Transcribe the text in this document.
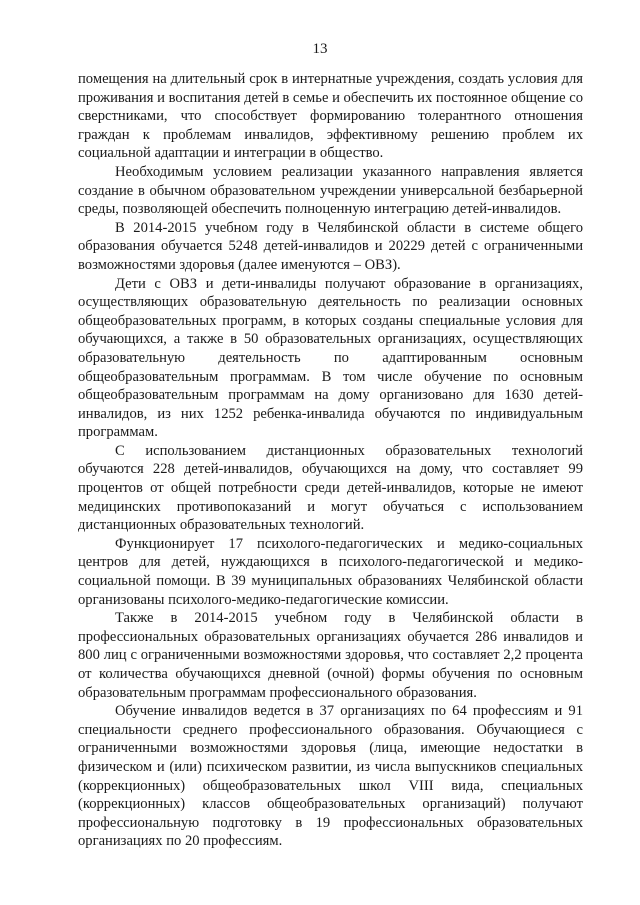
13

помещения на длительный срок в интернатные учреждения, создать условия для проживания и воспитания детей в семье и обеспечить их постоянное общение со сверстниками, что способствует формированию толерантного отношения граждан к проблемам инвалидов, эффективному решению проблем их социальной адаптации и интеграции в общество.

Необходимым условием реализации указанного направления является создание в обычном образовательном учреждении универсальной безбарьерной среды, позволяющей обеспечить полноценную интеграцию детей-инвалидов.

В 2014-2015 учебном году в Челябинской области в системе общего образования обучается 5248 детей-инвалидов и 20229 детей с ограниченными возможностями здоровья (далее именуются – ОВЗ).

Дети с ОВЗ и дети-инвалиды получают образование в организациях, осуществляющих образовательную деятельность по реализации основных общеобразовательных программ, в которых созданы специальные условия для обучающихся, а также в 50 образовательных организациях, осуществляющих образовательную деятельность по адаптированным основным общеобразовательным программам. В том числе обучение по основным общеобразовательным программам на дому организовано для 1630 детей-инвалидов, из них 1252 ребенка-инвалида обучаются по индивидуальным программам.

С использованием дистанционных образовательных технологий обучаются 228 детей-инвалидов, обучающихся на дому, что составляет 99 процентов от общей потребности среди детей-инвалидов, которые не имеют медицинских противопоказаний и могут обучаться с использованием дистанционных образовательных технологий.

Функционирует 17 психолого-педагогических и медико-социальных центров для детей, нуждающихся в психолого-педагогической и медико-социальной помощи. В 39 муниципальных образованиях Челябинской области организованы психолого-медико-педагогические комиссии.

Также в 2014-2015 учебном году в Челябинской области в профессиональных образовательных организациях обучается 286 инвалидов и 800 лиц с ограниченными возможностями здоровья, что составляет 2,2 процента от количества обучающихся дневной (очной) формы обучения по основным образовательным программам профессионального образования.

Обучение инвалидов ведется в 37 организациях по 64 профессиям и 91 специальности среднего профессионального образования. Обучающиеся с ограниченными возможностями здоровья (лица, имеющие недостатки в физическом и (или) психическом развитии, из числа выпускников специальных (коррекционных) общеобразовательных школ VIII вида, специальных (коррекционных) классов общеобразовательных организаций) получают профессиональную подготовку в 19 профессиональных образовательных организациях по 20 профессиям.
